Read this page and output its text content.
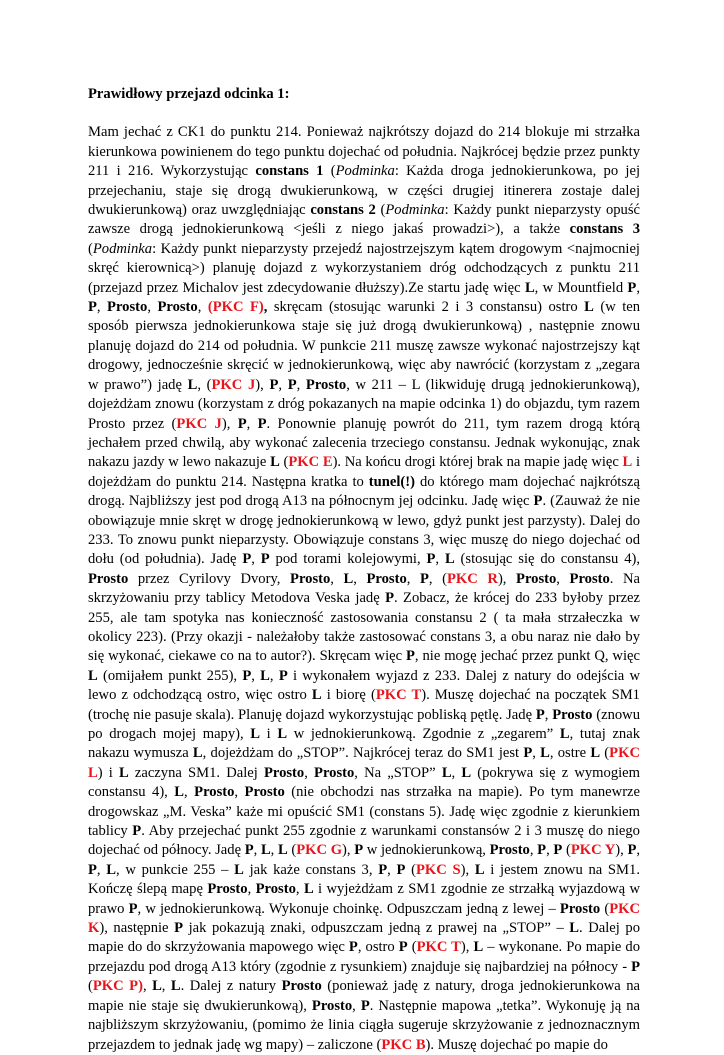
Prawidłowy przejazd odcinka 1:

Mam jechać z CK1 do punktu 214. Ponieważ najkrótszy dojazd do 214 blokuje mi strzałka kierunkowa powinienem do tego punktu dojechać od południa. Najkrócej będzie przez punkty 211 i 216. Wykorzystując constans 1 (Podminka: Każda droga jednokierunkowa, po jej przejechaniu, staje się drogą dwukierunkową, w części drugiej itinerera zostaje dalej dwukierunkową) oraz uwzględniając constans 2 (Podminka: Każdy punkt nieparzysty opuść zawsze drogą jednokierunkową <jeśli z niego jakaś prowadzi>), a także constans 3 (Podminka: Każdy punkt nieparzysty przejedź najostrzejszym kątem drogowym <najmocniej skręć kierownicą>) planuję dojazd z wykorzystaniem dróg odchodzących z punktu 211 (przejazd przez Michalov jest zdecydowanie dłuższy).Ze startu jadę więc L, w Mountfield P, P, Prosto, Prosto, (PKC F), skręcam (stosując warunki 2 i 3 constansu) ostro L (w ten sposób pierwsza jednokierunkowa staje się już drogą dwukierunkową) , następnie znowu planuję dojazd do 214 od południa. W punkcie 211 muszę zawsze wykonać najostrzejszy kąt drogowy, jednocześnie skręcić w jednokierunkową, więc aby nawrócić (korzystam z „zegara w prawo”) jadę L, (PKC J), P, P, Prosto, w 211 – L (likwiduję drugą jednokierunkową), dojeżdżam znowu (korzystam z dróg pokazanych na mapie odcinka 1) do objazdu, tym razem Prosto przez (PKC J), P, P. Ponownie planuję powrót do 211, tym razem drogą którą jechałem przed chwilą, aby wykonać zalecenia trzeciego constansu. Jednak wykonując, znak nakazu jazdy w lewo nakazuje L (PKC E). Na końcu drogi której brak na mapie jadę więc L i dojeżdżam do punktu 214. Następna kratka to tunel(!) do którego mam dojechać najkrótszą drogą. Najbliższy jest pod drogą A13 na północnym jej odcinku. Jadę więc P. (Zauważ że nie obowiązuje mnie skręt w drogę jednokierunkową w lewo, gdyż punkt jest parzysty). Dalej do 233. To znowu punkt nieparzysty. Obowiązuje constans 3, więc muszę do niego dojechać od dołu (od południa). Jadę P, P pod torami kolejowymi, P, L (stosując się do constansu 4), Prosto przez Cyrilovy Dvory, Prosto, L, Prosto, P, (PKC R), Prosto, Prosto. Na skrzyżowaniu przy tablicy Metodova Veska jadę P. Zobacz, że krócej do 233 byłoby przez 255, ale tam spotyka nas konieczność zastosowania constansu 2 ( ta mała strzałeczka w okolicy 223). (Przy okazji - należałoby także zastosować constans 3, a obu naraz nie dało by się wykonać, ciekawe co na to autor?). Skręcam więc P, nie mogę jechać przez punkt Q, więc L (omijałem punkt 255), P, L, P i wykonałem wyjazd z 233. Dalej z natury do odejścia w lewo z odchodzącą ostro, więc ostro L i biorę (PKC T). Muszę dojechać na początek SM1 (trochę nie pasuje skala). Planuję dojazd wykorzystując pobliską pętlę. Jadę P, Prosto (znowu po drogach mojej mapy), L i L w jednokierunkową. Zgodnie z „zegarem” L, tutaj znak nakazu wymusza L, dojeżdżam do „STOP”. Najkrócej teraz do SM1 jest P, L, ostre L (PKC L) i L zaczyna SM1. Dalej Prosto, Prosto, Na „STOP” L, L (pokrywa się z wymogiem constansu 4), L, Prosto, Prosto (nie obchodzi nas strzałka na mapie). Po tym manewrze drogowskaz „M. Veska” każe mi opuścić SM1 (constans 5). Jadę więc zgodnie z kierunkiem tablicy P. Aby przejechać punkt 255 zgodnie z warunkami constansów 2 i 3 muszę do niego dojechać od północy. Jadę P, L, L (PKC G), P w jednokierunkową, Prosto, P, P (PKC Y), P, P, L, w punkcie 255 – L jak każe constans 3, P, P (PKC S), L i jestem znowu na SM1. Kończę ślepą mapę Prosto, Prosto, L i wyjeżdżam z SM1 zgodnie ze strzałką wyjazdową w prawo P, w jednokierunkową. Wykonuje choinkę. Odpuszczam jedną z lewej – Prosto (PKC K), następnie P jak pokazują znaki, odpuszczam jedną z prawej na „STOP” – L. Dalej po mapie do do skrzyżowania mapowego więc P, ostro P (PKC T), L – wykonane. Po mapie do przejazdu pod drogą A13 który (zgodnie z rysunkiem) znajduje się najbardziej na północy - P (PKC P), L, L. Dalej z natury Prosto (ponieważ jadę z natury, droga jednokierunkowa na mapie nie staje się dwukierunkową), Prosto, P. Następnie mapowa „tetka”. Wykonuję ją na najbliższym skrzyżowaniu, (pomimo że linia ciągła sugeruje skrzyżowanie z jednoznacznym przejazdem to jednak jadę wg mapy) – zaliczone (PKC B). Muszę dojechać po mapie do
